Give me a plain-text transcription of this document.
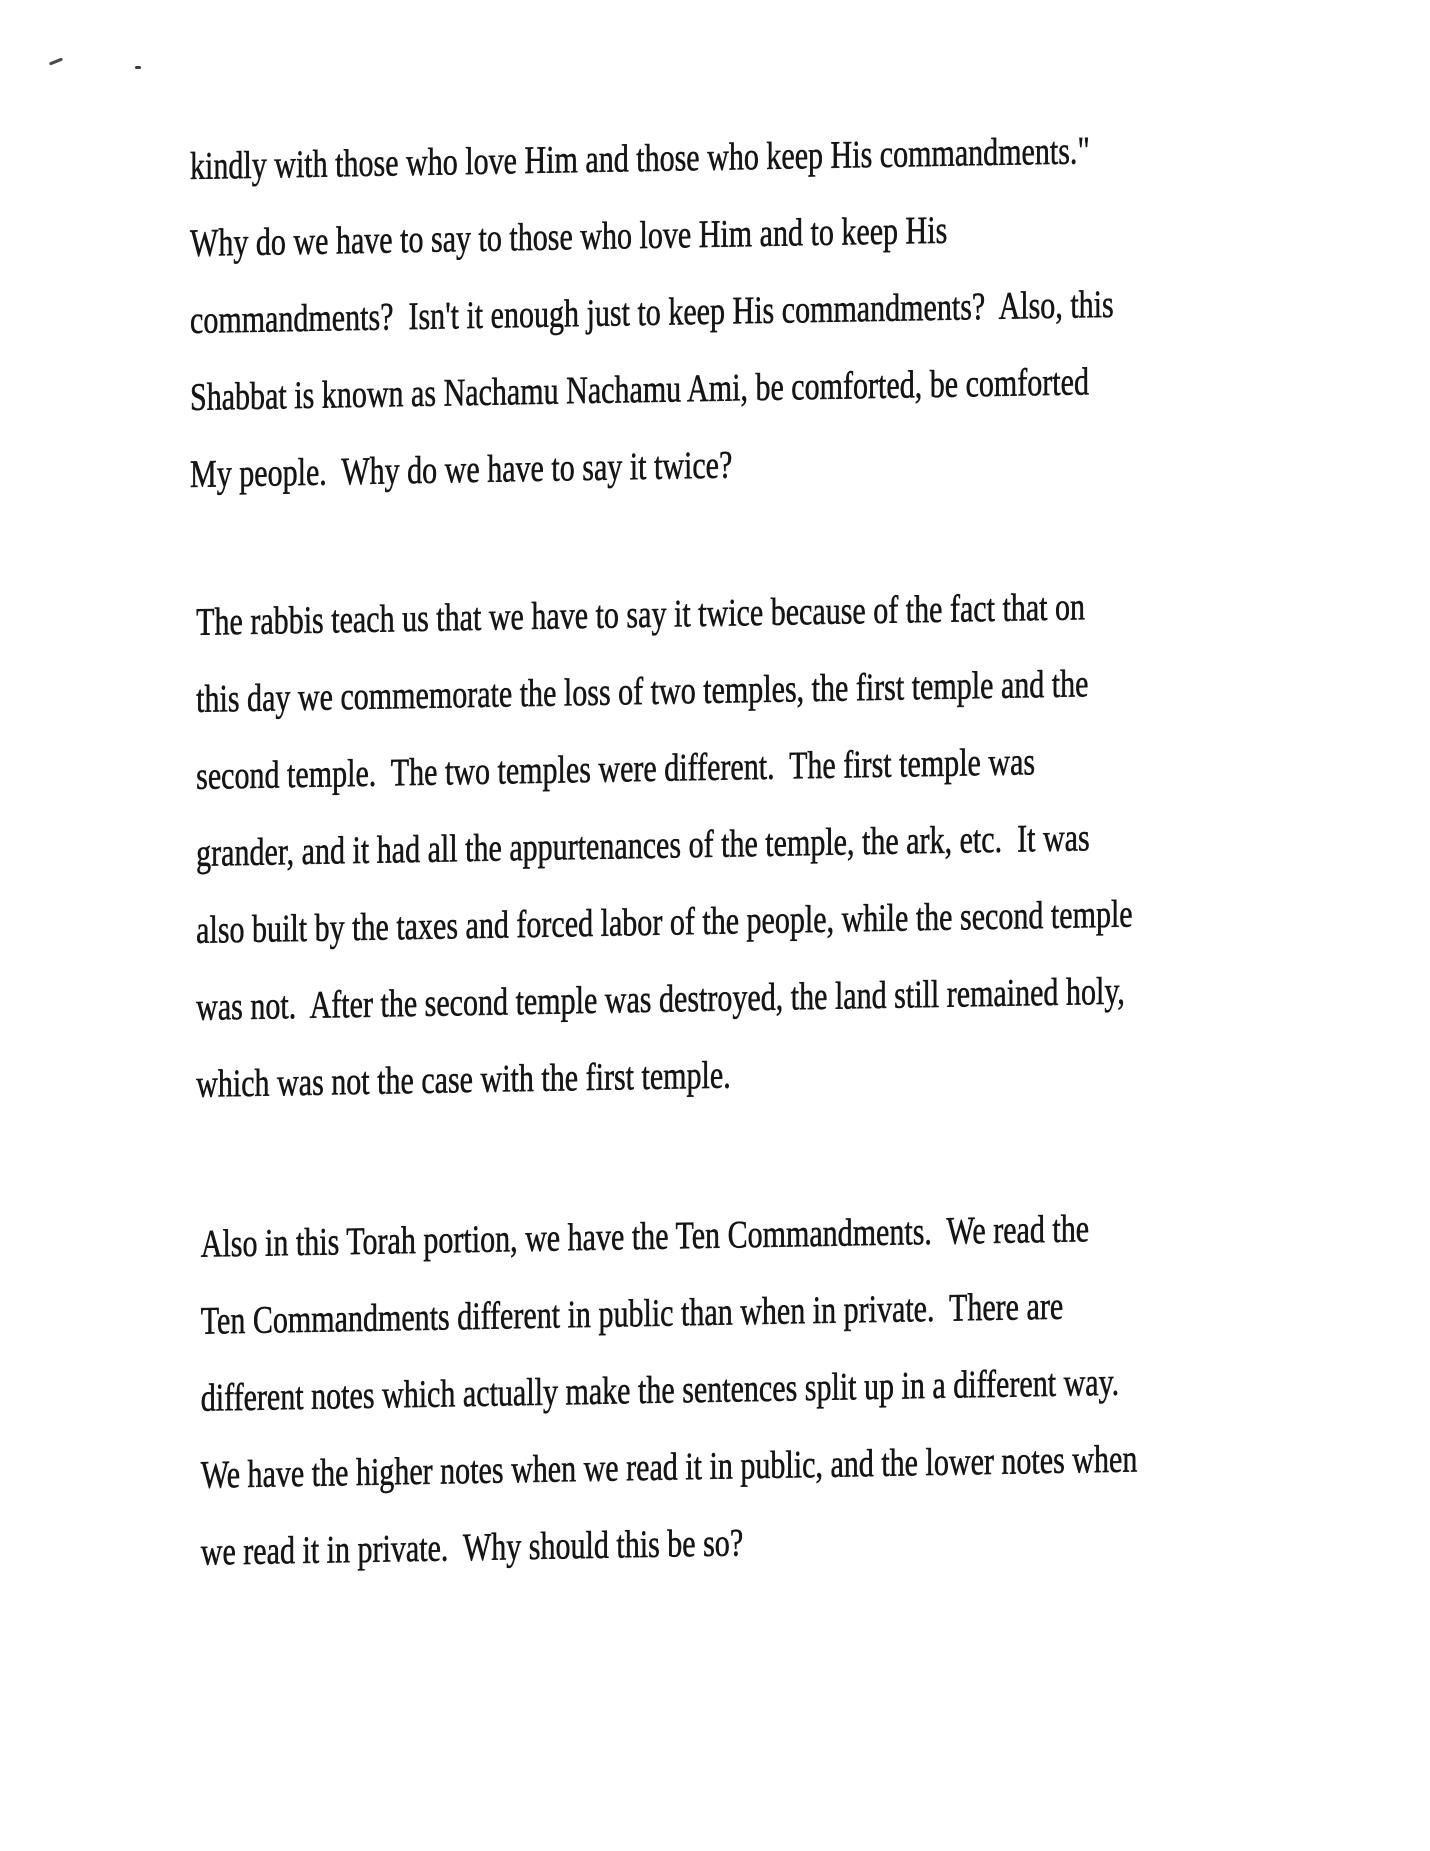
kindly with those who love Him and those who keep His commandments."
Why do we have to say to those who love Him and to keep His
commandments?  Isn't it enough just to keep His commandments?  Also, this
Shabbat is known as Nachamu Nachamu Ami, be comforted, be comforted
My people.  Why do we have to say it twice?
The rabbis teach us that we have to say it twice because of the fact that on
this day we commemorate the loss of two temples, the first temple and the
second temple.  The two temples were different.  The first temple was
grander, and it had all the appurtenances of the temple, the ark, etc.  It was
also built by the taxes and forced labor of the people, while the second temple
was not.  After the second temple was destroyed, the land still remained holy,
which was not the case with the first temple.
Also in this Torah portion, we have the Ten Commandments.  We read the
Ten Commandments different in public than when in private.  There are
different notes which actually make the sentences split up in a different way.
We have the higher notes when we read it in public, and the lower notes when
we read it in private.  Why should this be so?
